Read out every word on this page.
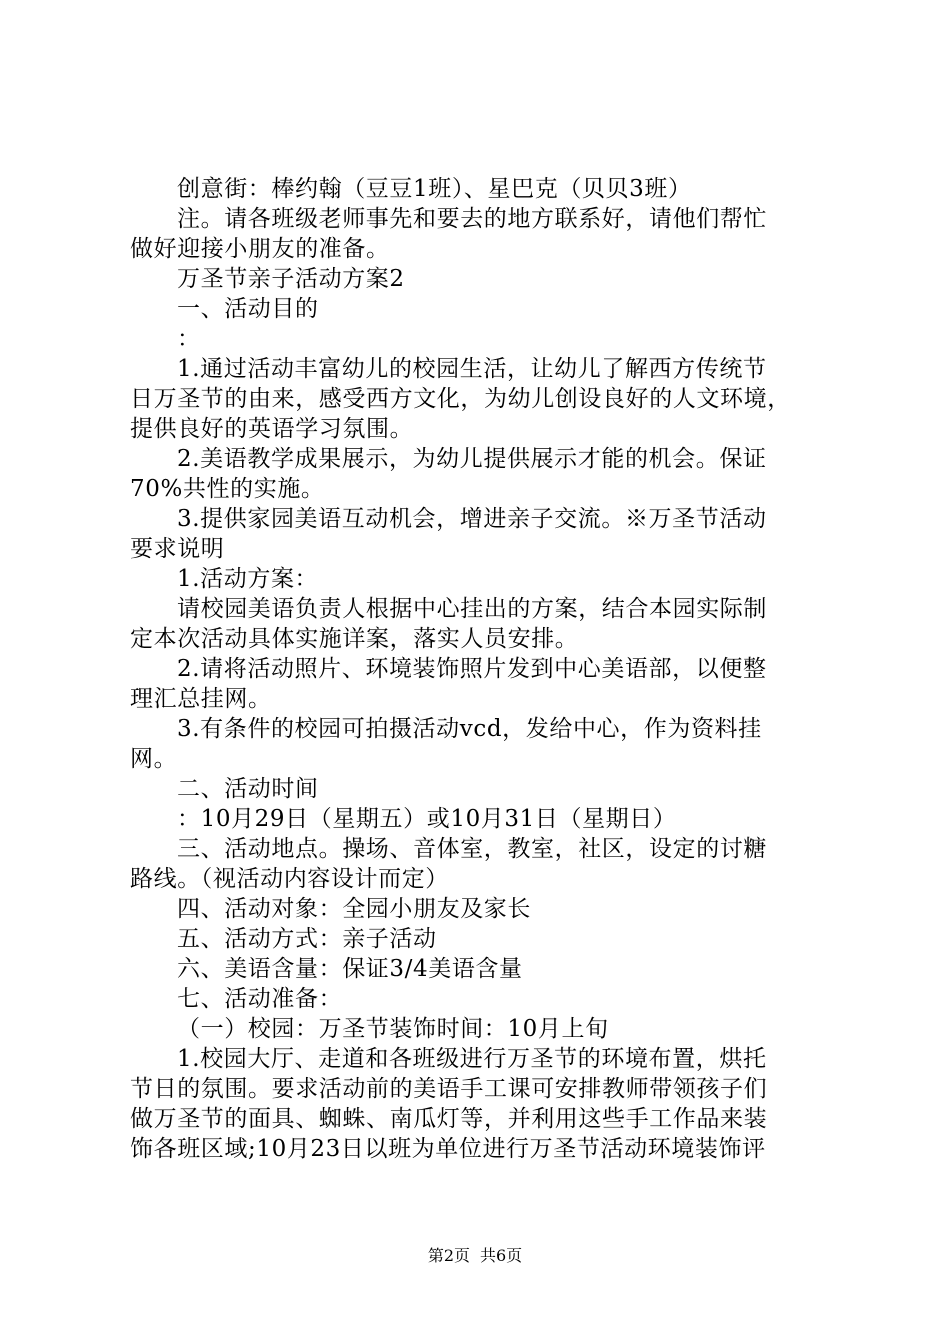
创意街：棒约翰（豆豆1班）、星巴克（贝贝3班）
注。请各班级老师事先和要去的地方联系好，请他们帮忙
做好迎接小朋友的准备。
万圣节亲子活动方案2
一、活动目的
：
1.通过活动丰富幼儿的校园生活，让幼儿了解西方传统节
日万圣节的由来，感受西方文化，为幼儿创设良好的人文环境，
提供良好的英语学习氛围。
2.美语教学成果展示，为幼儿提供展示才能的机会。保证
70%共性的实施。
3.提供家园美语互动机会，增进亲子交流。※万圣节活动
要求说明
1.活动方案：
请校园美语负责人根据中心挂出的方案，结合本园实际制
定本次活动具体实施详案，落实人员安排。
2.请将活动照片、环境装饰照片发到中心美语部，以便整
理汇总挂网。
3.有条件的校园可拍摄活动vcd，发给中心，作为资料挂
网。
二、活动时间
：10月29日（星期五）或10月31日（星期日）
三、活动地点。操场、音体室，教室，社区，设定的讨糖
路线。（视活动内容设计而定）
四、活动对象：全园小朋友及家长
五、活动方式：亲子活动
六、美语含量：保证3/4美语含量
七、活动准备：
（一）校园：万圣节装饰时间：10月上旬
1.校园大厅、走道和各班级进行万圣节的环境布置，烘托
节日的氛围。要求活动前的美语手工课可安排教师带领孩子们
做万圣节的面具、蜘蛛、南瓜灯等，并利用这些手工作品来装
饰各班区域;10月23日以班为单位进行万圣节活动环境装饰评
第2页 共6页
